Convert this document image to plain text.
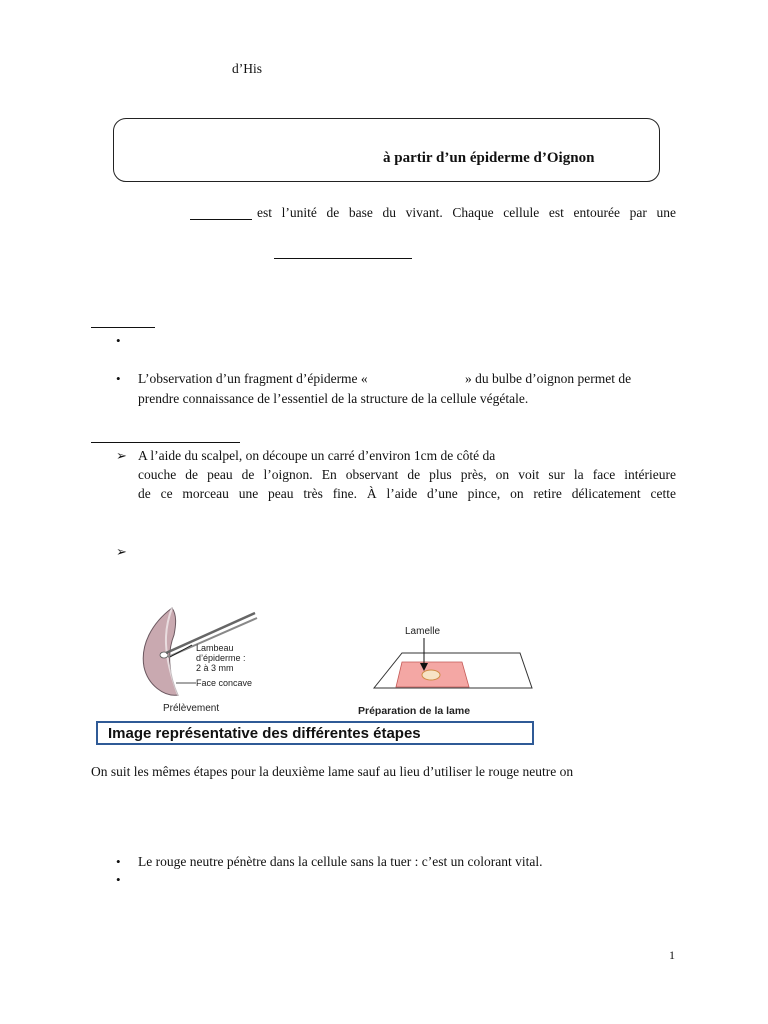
d’His
à partir d’un épiderme d’Oignon
est l’unité de base du vivant. Chaque cellule est entourée par une
•
• L’observation d’un fragment d’épiderme «	» du bulbe d’oignon permet de
prendre connaissance de l’essentiel de la structure de la cellule végétale.
➢ A l’aide du scalpel, on découpe un carré d’environ 1cm de côté da
couche de peau de l’oignon. En observant de plus près, on voit sur la face intérieure
de ce morceau une peau très fine. À l’aide d’une pince, on retire délicatement cette
➢
Lambeau
d’épiderme :
2 à 3 mm
Face concave
Prélèvement
Lamelle
Préparation de la lame
Image représentative des différentes étapes
On suit les mêmes étapes pour la deuxième lame sauf au lieu d’utiliser le rouge neutre on
• Le rouge neutre pénètre dans la cellule sans la tuer : c’est un colorant vital.
•
1
